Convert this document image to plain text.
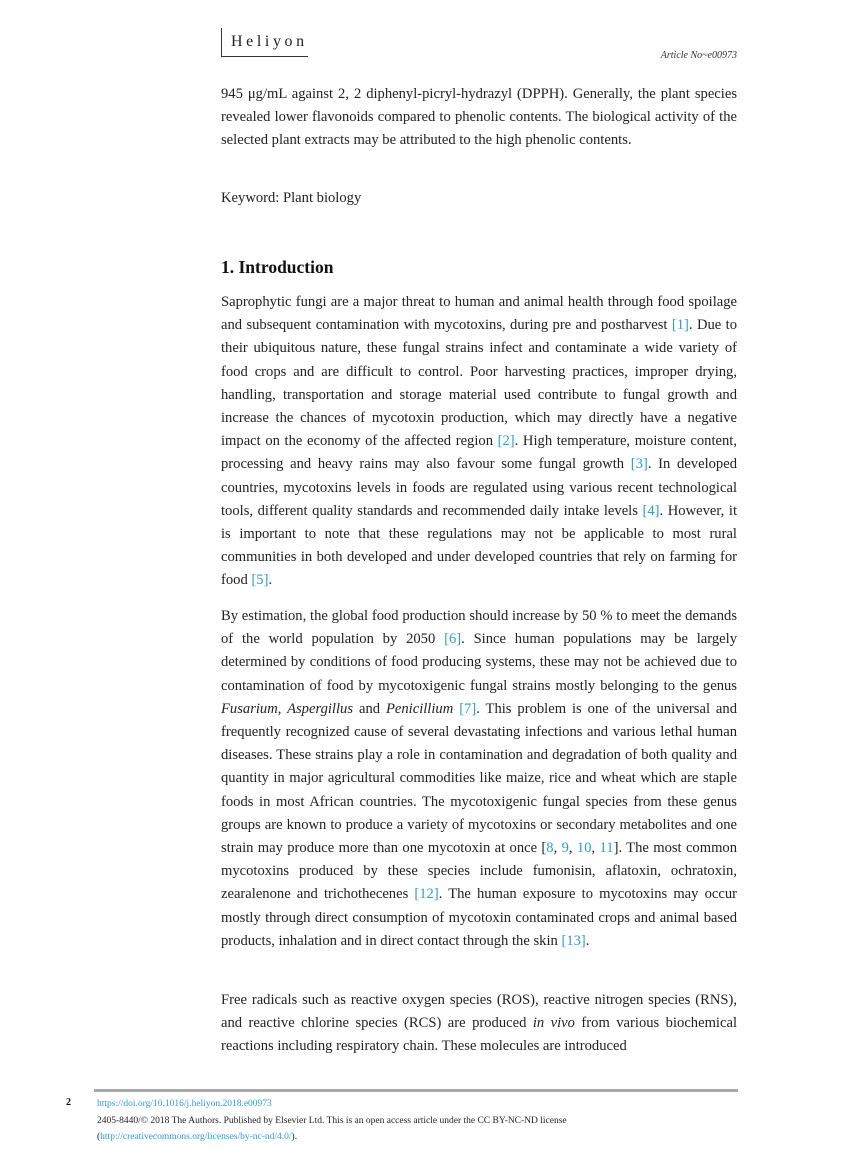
Heliyon
Article No~e00973

945 μg/mL against 2, 2 diphenyl-picryl-hydrazyl (DPPH). Generally, the plant species revealed lower flavonoids compared to phenolic contents. The biological activity of the selected plant extracts may be attributed to the high phenolic contents.

Keyword: Plant biology
1. Introduction

Saprophytic fungi are a major threat to human and animal health through food spoilage and subsequent contamination with mycotoxins, during pre and postharvest [1]. Due to their ubiquitous nature, these fungal strains infect and contaminate a wide variety of food crops and are difficult to control. Poor harvesting practices, improper drying, handling, transportation and storage material used contribute to fungal growth and increase the chances of mycotoxin production, which may directly have a negative impact on the economy of the affected region [2]. High temperature, moisture content, processing and heavy rains may also favour some fungal growth [3]. In developed countries, mycotoxins levels in foods are regulated using various recent technological tools, different quality standards and recommended daily intake levels [4]. However, it is important to note that these regulations may not be applicable to most rural communities in both developed and under developed countries that rely on farming for food [5].

By estimation, the global food production should increase by 50 % to meet the demands of the world population by 2050 [6]. Since human populations may be largely determined by conditions of food producing systems, these may not be achieved due to contamination of food by mycotoxigenic fungal strains mostly belonging to the genus Fusarium, Aspergillus and Penicillium [7]. This problem is one of the universal and frequently recognized cause of several devastating infections and various lethal human diseases. These strains play a role in contamination and degradation of both quality and quantity in major agricultural commodities like maize, rice and wheat which are staple foods in most African countries. The mycotoxigenic fungal species from these genus groups are known to produce a variety of mycotoxins or secondary metabolites and one strain may produce more than one mycotoxin at once [8, 9, 10, 11]. The most common mycotoxins produced by these species include fumonisin, aflatoxin, ochratoxin, zearalenone and trichothecenes [12]. The human exposure to mycotoxins may occur mostly through direct consumption of mycotoxin contaminated crops and animal based products, inhalation and in direct contact through the skin [13].

Free radicals such as reactive oxygen species (ROS), reactive nitrogen species (RNS), and reactive chlorine species (RCS) are produced in vivo from various biochemical reactions including respiratory chain. These molecules are introduced

2	https://doi.org/10.1016/j.heliyon.2018.e00973
2405-8440/© 2018 The Authors. Published by Elsevier Ltd. This is an open access article under the CC BY-NC-ND license
(http://creativecommons.org/licenses/by-nc-nd/4.0/).
